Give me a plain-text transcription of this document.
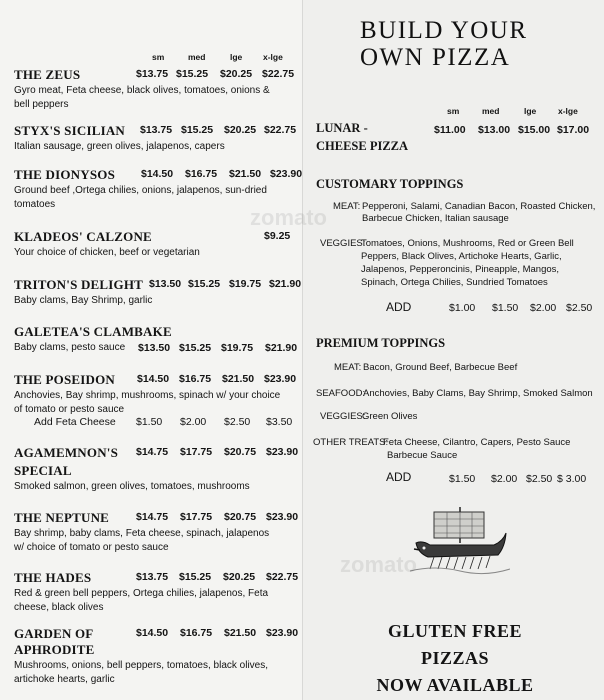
sm	med	lge x-lge
THE ZEUS	$13.75 $15.25 $20.25 $22.75
Gyro meat, Feta cheese, black olives, tomatoes, onions & bell peppers
STYX'S SICILIAN	$13.75 $15.25 $20.25 $22.75
Italian sausage, green olives, jalapenos, capers
THE DIONYSOS	$14.50 $16.75 $21.50 $23.90
Ground beef ,Ortega chilies, onions, jalapenos, sun-dried tomatoes
KLADEOS' CALZONE	$9.25
Your choice of chicken, beef or vegetarian
TRITON'S DELIGHT $13.50 $15.25 $19.75 $21.90
Baby clams, Bay Shrimp, garlic
GALETEA'S CLAMBAKE
Baby clams, pesto sauce	$13.50 $15.25 $19.75 $21.90
THE POSEIDON	$14.50 $16.75 $21.50 $23.90
Anchovies, Bay shrimp, mushrooms, spinach w/ your choice of tomato or pesto sauce
Add Feta Cheese $1.50 $2.00 $2.50 $3.50
AGAMEMNON'S
SPECIAL
$14.75 $17.75 $20.75 $23.90
Smoked salmon, green olives, tomatoes, mushrooms
THE NEPTUNE	$14.75 $17.75 $20.75 $23.90
Bay shrimp, baby clams, Feta cheese, spinach, jalapenos w/ choice of tomato or pesto sauce
THE HADES	$13.75 $15.25 $20.25 $22.75
Red & green bell peppers, Ortega chilies, jalapenos, Feta cheese, black olives
GARDEN OF
APHRODITE
$14.50 $16.75 $21.50 $23.90
Mushrooms, onions, bell peppers, tomatoes, black olives, artichoke hearts, garlic
BUILD YOUR
OWN PIZZA
sm	med	lge	x-lge
LUNAR -
CHEESE PIZZA
$11.00 $13.00 $15.00 $17.00
CUSTOMARY TOPPINGS
MEAT: Pepperoni, Salami, Canadian Bacon, Roasted Chicken,
Barbecue Chicken, Italian sausage
VEGGIES:
Tomatoes, Onions, Mushrooms, Red or Green Bell
Peppers, Black Olives, Artichoke Hearts, Garlic,
Jalapenos, Pepperoncinis, Pineapple, Mangos,
Spinach, Ortega Chilies, Sundried Tomatoes
ADD	$1.00 $1.50 $2.00 $2.50
PREMIUM TOPPINGS
MEAT: Bacon, Ground Beef, Barbecue Beef
SEAFOOD:
Anchovies, Baby Clams, Bay Shrimp, Smoked Salmon
VEGGIES:
Green Olives
OTHER TREATS:
Feta Cheese, Cilantro, Capers, Pesto Sauce
Barbecue Sauce
ADD	$1.50 $2.00 $2.50 $ 3.00
GLUTEN FREE
PIZZAS
NOW AVAILABLE
zomato
zomato
